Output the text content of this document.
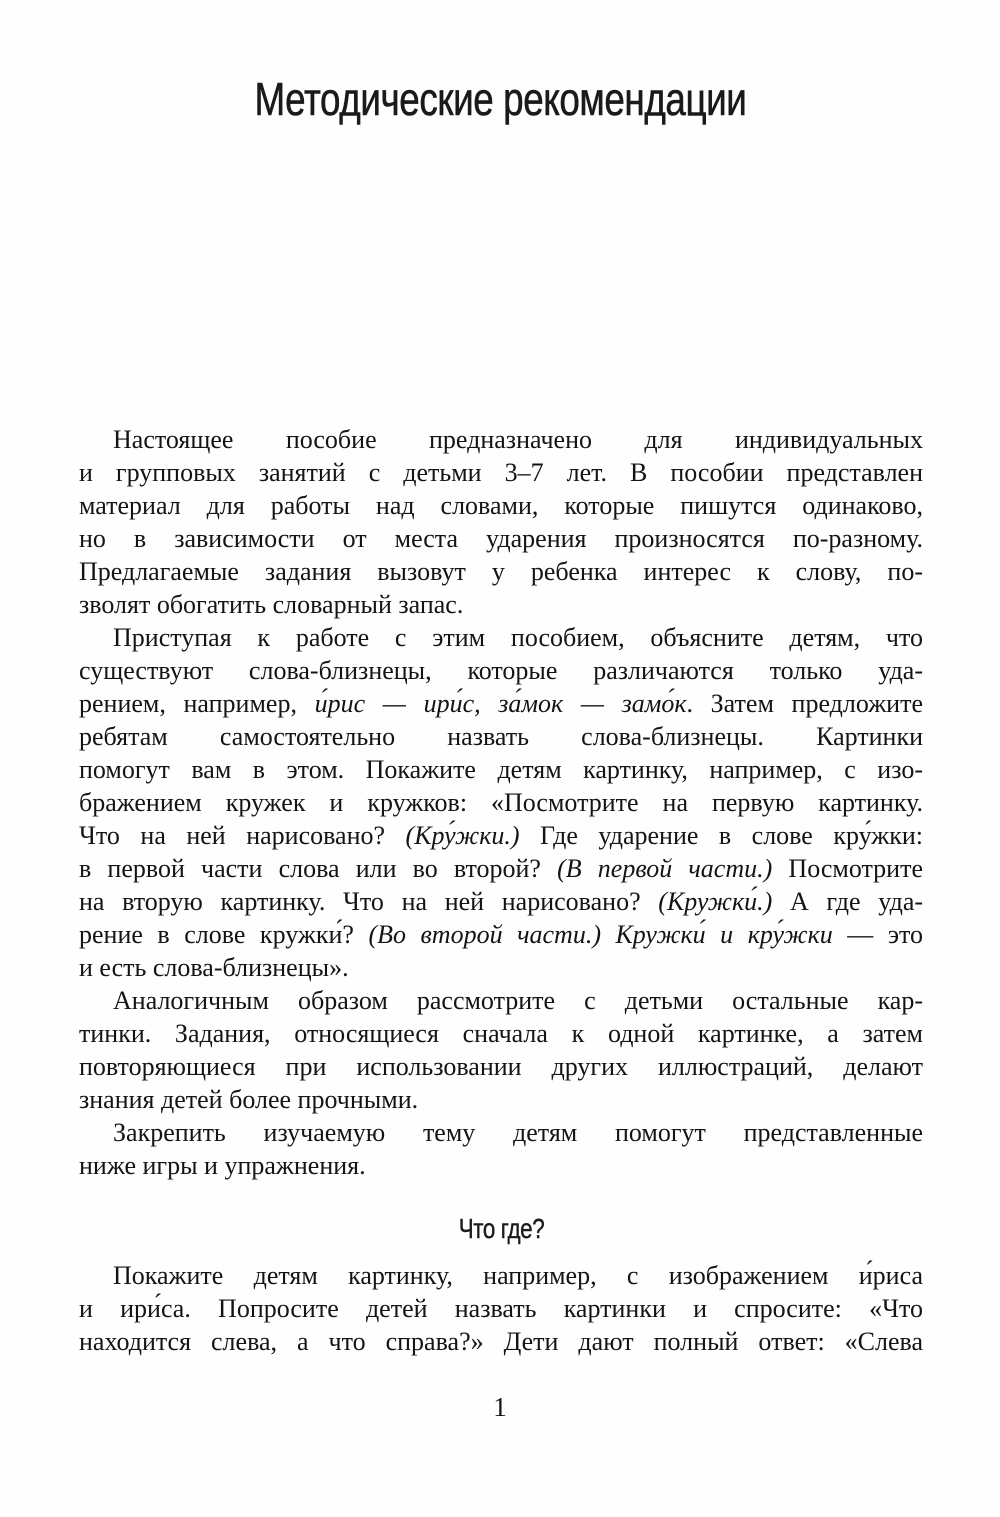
Методические рекомендации
Настоящее пособие предназначено для индивидуальных
и групповых занятий с детьми 3–7 лет. В пособии представлен
материал для работы над словами, которые пишутся одинаково,
но в зависимости от места ударения произносятся по-разному.
Предлагаемые задания вызовут у ребенка интерес к слову, по-
зволят обогатить словарный запас.
Приступая к работе с этим пособием, объясните детям, что
существуют слова-близнецы, которые различаются только уда-
рением, например, и́рис — ири́с, за́мок — замо́к. Затем предложите
ребятам самостоятельно назвать слова-близнецы. Картинки
помогут вам в этом. Покажите детям картинку, например, с изо-
бражением кружек и кружков: «Посмотрите на первую картинку.
Что на ней нарисовано? (Кру́жки.) Где ударение в слове кру́жки:
в первой части слова или во второй? (В первой части.) Посмотрите
на вторую картинку. Что на ней нарисовано? (Кружки́.) А где уда-
рение в слове кружки́? (Во второй части.) Кружки́ и кру́жки — это
и есть слова-близнецы».
Аналогичным образом рассмотрите с детьми остальные кар-
тинки. Задания, относящиеся сначала к одной картинке, а затем
повторяющиеся при использовании других иллюстраций, делают
знания детей более прочными.
Закрепить изучаемую тему детям помогут представленные
ниже игры и упражнения.
Что где?
Покажите детям картинку, например, с изображением и́риса
и ири́са. Попросите детей назвать картинки и спросите: «Что
находится слева, а что справа?» Дети дают полный ответ: «Слева
1
